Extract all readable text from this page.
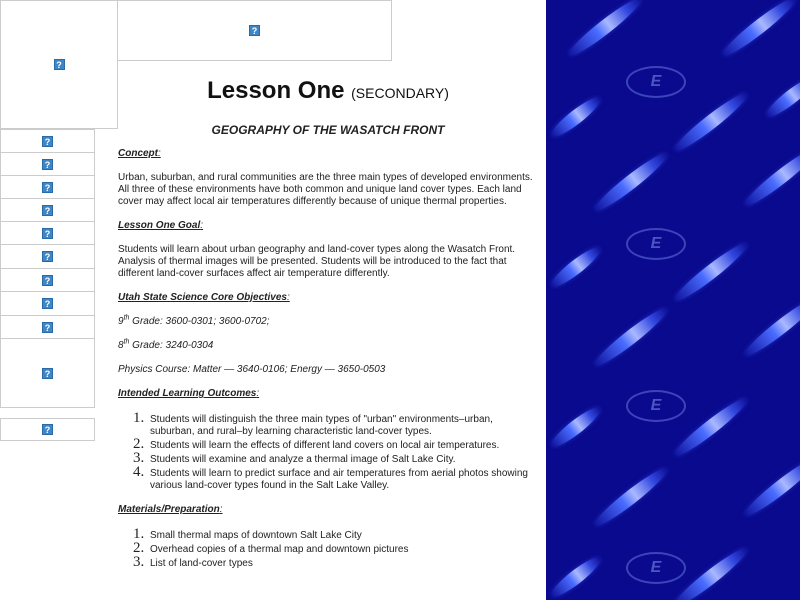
?
?
?
?
?
?
?
?
?
?
?
?
?
Lesson One (SECONDARY)
GEOGRAPHY OF THE WASATCH FRONT
Concept:

Urban, suburban, and rural communities are the three main types of developed environments. All three of these environments have both common and unique land cover types. Each land cover may affect local air temperatures differently because of unique thermal properties.

Lesson One Goal:

Students will learn about urban geography and land-cover types along the Wasatch Front. Analysis of thermal images will be presented. Students will be introduced to the fact that different land-cover surfaces affect air temperature differently.

Utah State Science Core Objectives:

9th Grade: 3600-0301; 3600-0702;

8th Grade: 3240-0304

Physics Course: Matter — 3640-0106; Energy — 3650-0503

Intended Learning Outcomes:
1. Students will distinguish the three main types of "urban" environments–urban, suburban, and rural–by learning characteristic land-cover types.
2. Students will learn the effects of different land covers on local air temperatures.
3. Students will examine and analyze a thermal image of Salt Lake City.
4. Students will learn to predict surface and air temperatures from aerial photos showing various land-cover types found in the Salt Lake Valley.
Materials/Preparation:
1. Small thermal maps of downtown Salt Lake City
2. Overhead copies of a thermal map and downtown pictures
3. List of land-cover types
E
E
E
E
